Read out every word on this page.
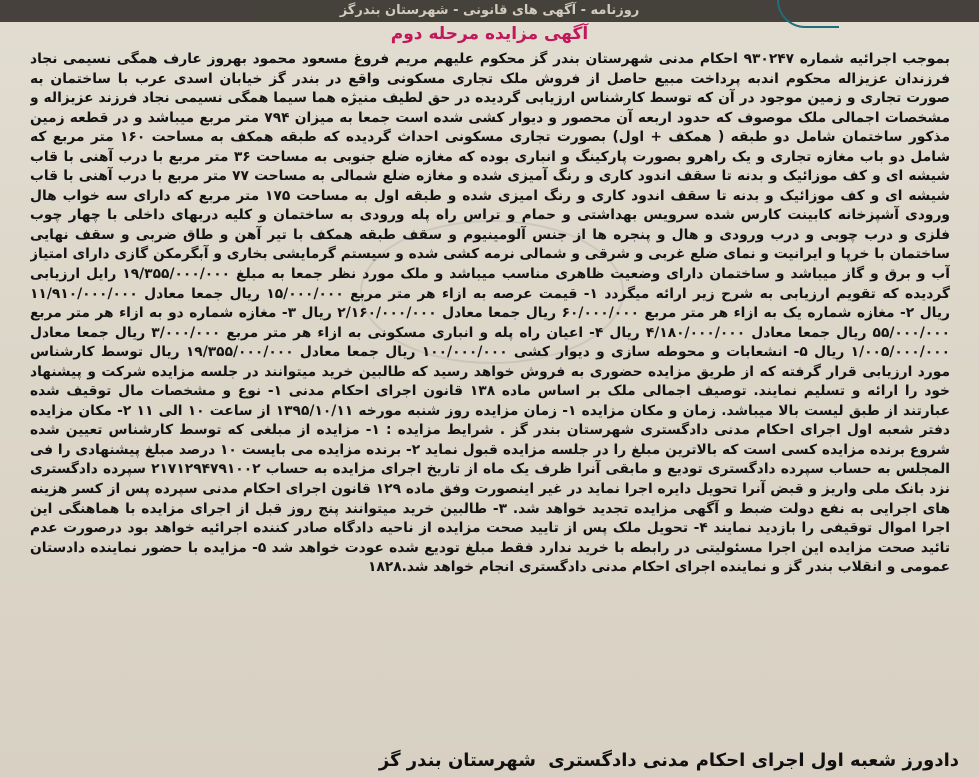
روزنامه - آگهی های قانونی - شهرستان بندرگز
آگهی مزایده مرحله دوم
بموجب اجرائیه شماره ۹۳۰۲۴۷ احکام مدنی شهرستان بندر گز محکوم علیهم مریم فروغ مسعود محمود بهروز عارف همگی نسیمی نجاد فرزندان عزیزاله محکوم اندبه پرداخت مبیع حاصل از فروش ملک تجاری مسکونی واقع در بندر گز خیابان اسدی عرب با ساختمان به صورت تجاری و زمین موجود در آن که توسط کارشناس ارزیابی گردیده در حق لطیف منیژه هما سیما همگی نسیمی نجاد فرزند عزیزاله و مشخصات اجمالی ملک موصوف که حدود اربعه آن محصور و دیوار کشی شده است جمعا به میزان ۷۹۴ متر مربع میباشد و در قطعه زمین مذکور ساختمان شامل دو طبقه ( همکف + اول) بصورت تجاری مسکونی احداث گردیده که طبقه همکف به مساحت ۱۶۰ متر مربع که شامل دو باب مغازه تجاری و یک راهرو بصورت پارکینگ و انباری بوده که مغازه ضلع جنوبی به مساحت ۳۶ متر مربع با درب آهنی با قاب شیشه ای و کف موزائیک و بدنه تا سقف اندود کاری و رنگ آمیزی شده و مغازه ضلع شمالی به مساحت ۷۷ متر مربع با درب آهنی با قاب شیشه ای و کف موزائیک و بدنه تا سقف اندود کاری و رنگ امیزی شده و طبقه اول به مساحت ۱۷۵ متر مربع که دارای سه خواب هال ورودی آشپزخانه کابینت کارس شده سرویس بهداشتی و حمام و تراس راه پله ورودی به ساختمان و کلیه دربهای داخلی با چهار چوب فلزی و درب چوبی و درب ورودی و هال و پنجره ها از جنس آلومینیوم و سقف طبقه همکف با تیر آهن و طاق ضربی و سقف نهایی ساختمان با خرپا و ایرانیت و نمای ضلع غربی و شرقی و شمالی نرمه کشی شده و سیستم گرمایشی بخاری و آبگرمکن گازی دارای امتیاز آب و برق و گاز میباشد و ساختمان دارای وضعیت ظاهری مناسب میباشد و ملک مورد نظر جمعا به مبلغ ۱۹/۳۵۵/۰۰۰/۰۰۰ رایل ارزیابی گردیده که تقویم ارزیابی به شرح زیر ارائه میگردد ۱- قیمت عرصه به ازاء هر متر مربع ۱۵/۰۰۰/۰۰۰ ریال جمعا معادل ۱۱/۹۱۰/۰۰۰/۰۰۰ ریال ۲- مغازه شماره یک به ازاء هر متر مربع ۶۰/۰۰۰/۰۰۰ ریال جمعا معادل ۲/۱۶۰/۰۰۰/۰۰۰ ریال ۳- مغازه شماره دو به ازاء هر متر مربع ۵۵/۰۰۰/۰۰۰ ریال جمعا معادل ۴/۱۸۰/۰۰۰/۰۰۰ ریال ۴- اعیان راه پله و انباری مسکونی به ازاء هر متر مربع ۳/۰۰۰/۰۰۰ ریال جمعا معادل ۱/۰۰۵/۰۰۰/۰۰۰ ریال ۵- انشعابات و محوطه سازی و دیوار کشی ۱۰۰/۰۰۰/۰۰۰ ریال جمعا معادل ۱۹/۳۵۵/۰۰۰/۰۰۰ ریال توسط کارشناس مورد ارزیابی قرار گرفته که از طریق مزایده حضوری به فروش خواهد رسید که طالبین خرید میتوانند در جلسه مزایده شرکت و پیشنهاد خود را ارائه و تسلیم نمایند. توصیف اجمالی ملک بر اساس ماده ۱۳۸ قانون اجرای احکام مدنی ۱- نوع و مشخصات مال توقیف شده عبارتند از طبق لیست بالا میباشد. زمان و مکان مزایده ۱- زمان مزایده روز شنبه مورخه ۱۳۹۵/۱۰/۱۱ از ساعت ۱۰ الی ۱۱ ۲- مکان مزایده دفتر شعبه اول اجرای احکام مدنی دادگستری شهرستان بندر گز . شرایط مزایده : ۱- مزایده از مبلغی که توسط کارشناس تعیین شده شروع برنده مزایده کسی است که بالاترین مبلغ را در جلسه مزایده قبول نماید ۲- برنده مزایده می بایست ۱۰ درصد مبلغ پیشنهادی را فی المجلس به حساب سپرده دادگستری تودیع و مابقی آنرا ظرف یک ماه از تاریخ اجرای مزایده به حساب ۲۱۷۱۲۹۴۷۹۱۰۰۲ سپرده دادگستری نزد بانک ملی واریز و قبض آنرا تحویل دایره اجرا نماید در غیر اینصورت وفق ماده ۱۲۹ قانون اجرای احکام مدنی سپرده پس از کسر هزینه های اجرایی به نفع دولت ضبط و آگهی مزایده تجدید خواهد شد. ۳- طالبین خرید میتوانند پنج روز قبل از اجرای مزایده با هماهنگی این اجرا اموال توقیفی را بازدید نمایند ۴- تحویل ملک پس از تایید صحت مزایده از ناحیه دادگاه صادر کننده اجرائیه خواهد بود درصورت عدم تائید صحت مزایده این اجرا مسئولیتی در رابطه با خرید ندارد فقط مبلغ تودیع شده عودت خواهد شد ۵- مزایده با حضور نماینده دادستان عمومی و انقلاب بندر گز و نماینده اجرای احکام مدنی دادگستری انجام خواهد شد.۱۸۲۸
دادورز شعبه اول اجرای احکام مدنی دادگستری شهرستان بندر گز
